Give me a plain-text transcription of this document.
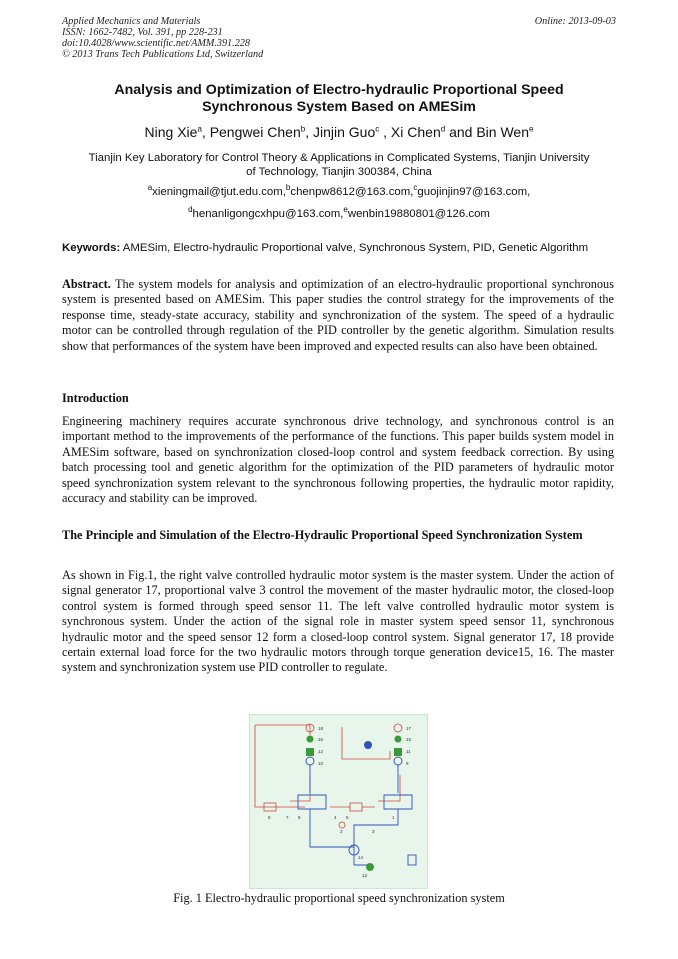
Applied Mechanics and Materials
ISSN: 1662-7482, Vol. 391, pp 228-231
doi:10.4028/www.scientific.net/AMM.391.228
© 2013 Trans Tech Publications Ltd, Switzerland
Online: 2013-09-03
Analysis and Optimization of Electro-hydraulic Proportional Speed
Synchronous System Based on AMESim
Ning Xie$^a$, Pengwei Chen$^b$, Jinjin Guo$^c$ , Xi Chen$^d$ and Bin Wen$^e$
Tianjin Key Laboratory for Control Theory & Applications in Complicated Systems, Tianjin University
of Technology, Tianjin 300384, China
$^a$xieningmail@tjut.edu.com,$^b$chenpw8612@163.com,$^c$guojinjin97@163.com,
$^d$henanligongcxhpu@163.com,$^e$wenbin19880801@126.com
Keywords: AMESim, Electro-hydraulic Proportional valve, Synchronous System, PID, Genetic Algorithm
Abstract. The system models for analysis and optimization of an electro-hydraulic proportional synchronous system is presented based on AMESim. This paper studies the control strategy for the improvements of the response time, steady-state accuracy, stability and synchronization of the system. The speed of a hydraulic motor can be controlled through regulation of the PID controller by the genetic algorithm. Simulation results show that performances of the system have been improved and expected results can also have been obtained.
Introduction
Engineering machinery requires accurate synchronous drive technology, and synchronous control is an important method to the improvements of the performance of the functions. This paper builds system model in AMESim software, based on synchronization closed-loop control and system feedback correction. By using batch processing tool and genetic algorithm for the optimization of the PID parameters of hydraulic motor speed synchronization system relevant to the synchronous following properties, the hydraulic motor rapidity, accuracy and stability can be improved.
The Principle and Simulation of the Electro-Hydraulic Proportional Speed Synchronization System
As shown in Fig.1, the right valve controlled hydraulic motor system is the master system. Under the action of signal generator 17, proportional valve 3 control the movement of the master hydraulic motor, the closed-loop control system is formed through speed sensor 11. The left valve controlled hydraulic motor system is synchronous system. Under the action of the signal role in master system speed sensor 11, synchronous hydraulic motor and the speed sensor 12 form a closed-loop control system. Signal generator 17, 18 provide certain external load force for the two hydraulic motors through torque generation device15, 16. The master system and synchronization system use PID controller to regulate.
18
16
12
10
17
15
11
9
8	7 6	4 5	1
2	3
14
13
Fig. 1 Electro-hydraulic proportional speed synchronization system
